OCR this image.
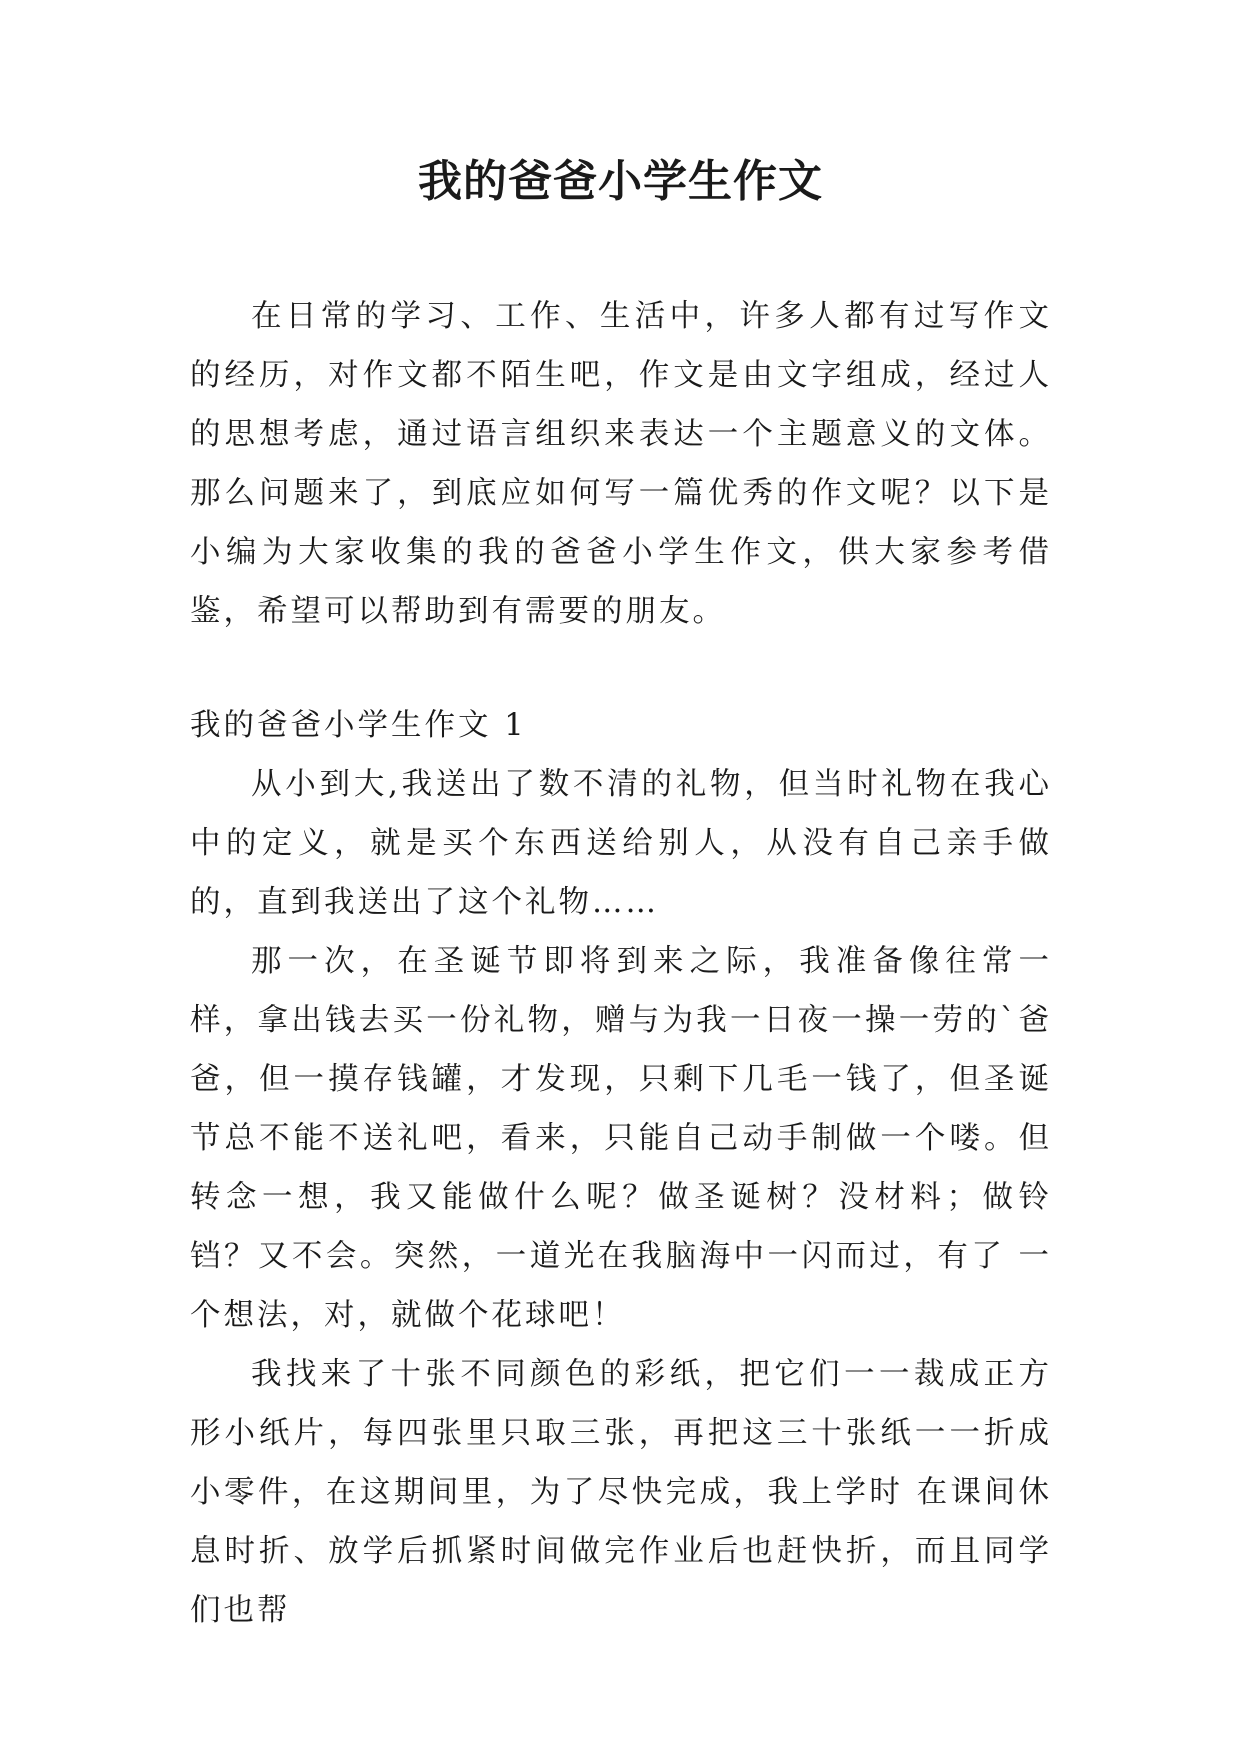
我的爸爸小学生作文

在日常的学习、工作、生活中，许多人都有过写作文的经历，对作文都不陌生吧，作文是由文字组成，经过人的思想考虑，通过语言组织来表达一个主题意义的文体。那么问题来了，到底应如何写一篇优秀的作文呢？以下是小编为大家收集的我的爸爸小学生作文，供大家参考借鉴，希望可以帮助到有需要的朋友。

我的爸爸小学生作文 1

从小到大,我送出了数不清的礼物，但当时礼物在我心中的定义，就是买个东西送给别人，从没有自己亲手做的，直到我送出了这个礼物……

那一次，在圣诞节即将到来之际，我准备像往常一样，拿出钱去买一份礼物，赠与为我一日夜一操一劳的`爸爸，但一摸存钱罐，才发现，只剩下几毛一钱了，但圣诞节总不能不送礼吧，看来，只能自己动手制做一个喽。但转念一想，我又能做什么呢？做圣诞树？没材料；做铃铛？又不会。突然，一道光在我脑海中一闪而过，有了 一个想法，对，就做个花球吧！

我找来了十张不同颜色的彩纸，把它们一一裁成正方形小纸片，每四张里只取三张，再把这三十张纸一一折成小零件，在这期间里，为了尽快完成，我上学时 在课间休息时折、放学后抓紧时间做完作业后也赶快折，而且同学们也帮
